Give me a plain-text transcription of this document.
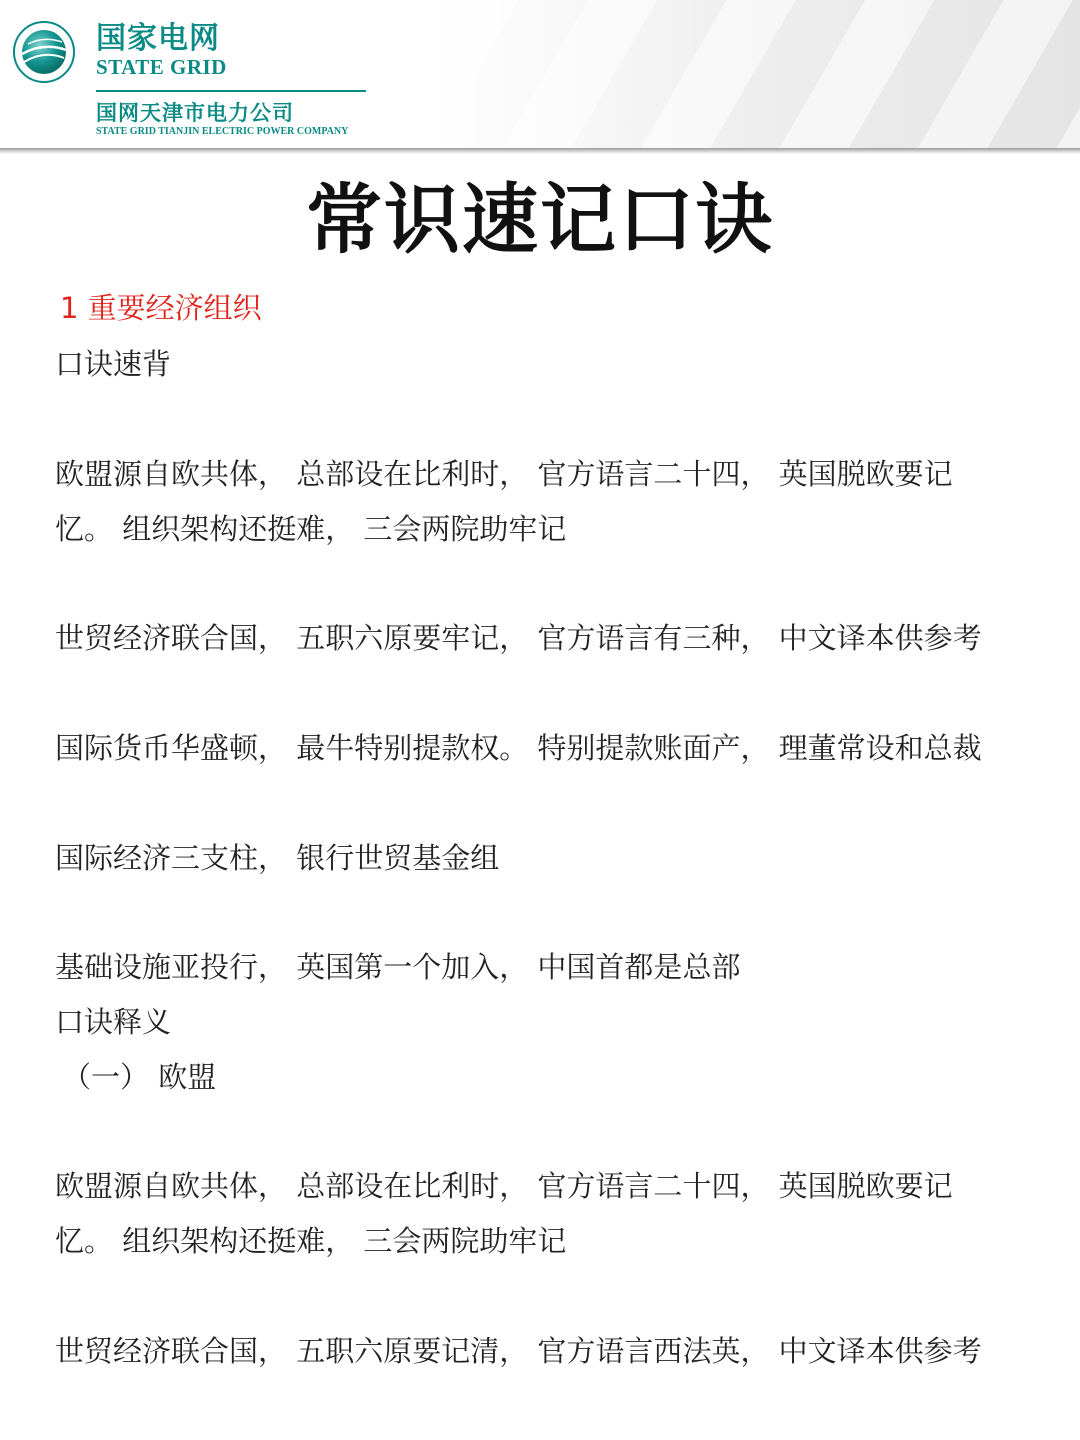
国家电网
STATE GRID
国网天津市电力公司
STATE GRID TIANJIN ELECTRIC POWER COMPANY
常识速记口诀
1 重要经济组织
口诀速背
欧盟源自欧共体， 总部设在比利时， 官方语言二十四， 英国脱欧要记
忆。 组织架构还挺难， 三会两院助牢记
世贸经济联合国， 五职六原要牢记， 官方语言有三种， 中文译本供参考
国际货币华盛顿， 最牛特别提款权。 特别提款账面产， 理董常设和总裁
国际经济三支柱， 银行世贸基金组
基础设施亚投行， 英国第一个加入， 中国首都是总部
口诀释义
（一） 欧盟
欧盟源自欧共体， 总部设在比利时， 官方语言二十四， 英国脱欧要记
忆。 组织架构还挺难， 三会两院助牢记
世贸经济联合国， 五职六原要记清， 官方语言西法英， 中文译本供参考
